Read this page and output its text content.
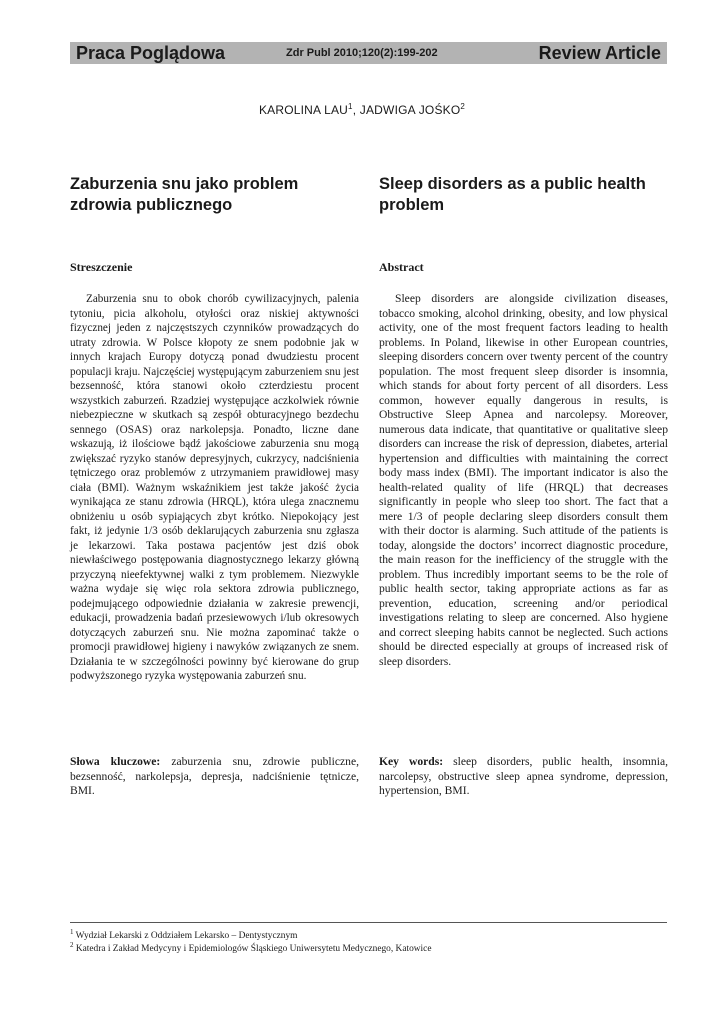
Praca Poglądowa	Zdr Publ 2010;120(2):199-202	Review Article
KAROLINA LAU$^1$, JADWIGA JOŚKO$^2$
Zaburzenia snu jako problem zdrowia publicznego
Sleep disorders as a public health problem
Streszczenie	Abstract

Zaburzenia snu to obok chorób cywilizacyjnych, palenia tytoniu, picia alkoholu, otyłości oraz niskiej aktywności fizycznej jeden z najczęstszych czynników prowadzących do utraty zdrowia. W Polsce kłopoty ze snem podobnie jak w innych krajach Europy dotyczą ponad dwudziestu procent populacji kraju. Najczęściej występującym zaburzeniem snu jest bezsenność, która stanowi około czterdziestu procent wszystkich zaburzeń. Rzadziej występujące aczkolwiek równie niebezpieczne w skutkach są zespół obturacyjnego bezdechu sennego (OSAS) oraz narkolepsja. Ponadto, liczne dane wskazują, iż ilościowe bądź jakościowe zaburzenia snu mogą zwiększać ryzyko stanów depresyjnych, cukrzycy, nadciśnienia tętniczego oraz problemów z utrzymaniem prawidłowej masy ciała (BMI). Ważnym wskaźnikiem jest także jakość życia wynikająca ze stanu zdrowia (HRQL), która ulega znacznemu obniżeniu u osób sypiających zbyt krótko. Niepokojący jest fakt, iż jedynie 1/3 osób deklarujących zaburzenia snu zgłasza je lekarzowi. Taka postawa pacjentów jest dziś obok niewłaściwego postępowania diagnostycznego lekarzy główną przyczyną nieefektywnej walki z tym problemem. Niezwykle ważna wydaje się więc rola sektora zdrowia publicznego, podejmującego odpowiednie działania w zakresie prewencji, edukacji, prowadzenia badań przesiewowych i/lub okresowych dotyczących zaburzeń snu. Nie można zapominać także o promocji prawidłowej higieny i nawyków związanych ze snem. Działania te w szczególności powinny być kierowane do grup podwyższonego ryzyka występowania zaburzeń snu.

Sleep disorders are alongside civilization diseases, tobacco smoking, alcohol drinking, obesity, and low physical activity, one of the most frequent factors leading to health problems. In Poland, likewise in other European countries, sleeping disorders concern over twenty percent of the country population. The most frequent sleep disorder is insomnia, which stands for about forty percent of all disorders. Less common, however equally dangerous in results, is Obstructive Sleep Apnea and narcolepsy. Moreover, numerous data indicate, that quantitative or qualitative sleep disorders can increase the risk of depression, diabetes, arterial hypertension and difficulties with maintaining the correct body mass index (BMI). The important indicator is also the health-related quality of life (HRQL) that decreases significantly in people who sleep too short. The fact that a mere 1/3 of people declaring sleep disorders consult them with their doctor is alarming. Such attitude of the patients is today, alongside the doctors’ incorrect diagnostic procedure, the main reason for the inefficiency of the struggle with the problem. Thus incredibly important seems to be the role of public health sector, taking appropriate actions as far as prevention, education, screening and/or periodical investigations relating to sleep are concerned. Also hygiene and correct sleeping habits cannot be neglected. Such actions should be directed especially at groups of increased risk of sleep disorders.

Słowa kluczowe: zaburzenia snu, zdrowie publiczne, bezsenność, narkolepsja, depresja, nadciśnienie tętnicze, BMI.

Key words: sleep disorders, public health, insomnia, narcolepsy, obstructive sleep apnea syndrome, depression, hypertension, BMI.

$^1$ Wydział Lekarski z Oddziałem Lekarsko – Dentystycznym
$^2$ Katedra i Zakład Medycyny i Epidemiologów Śląskiego Uniwersytetu Medycznego, Katowice
